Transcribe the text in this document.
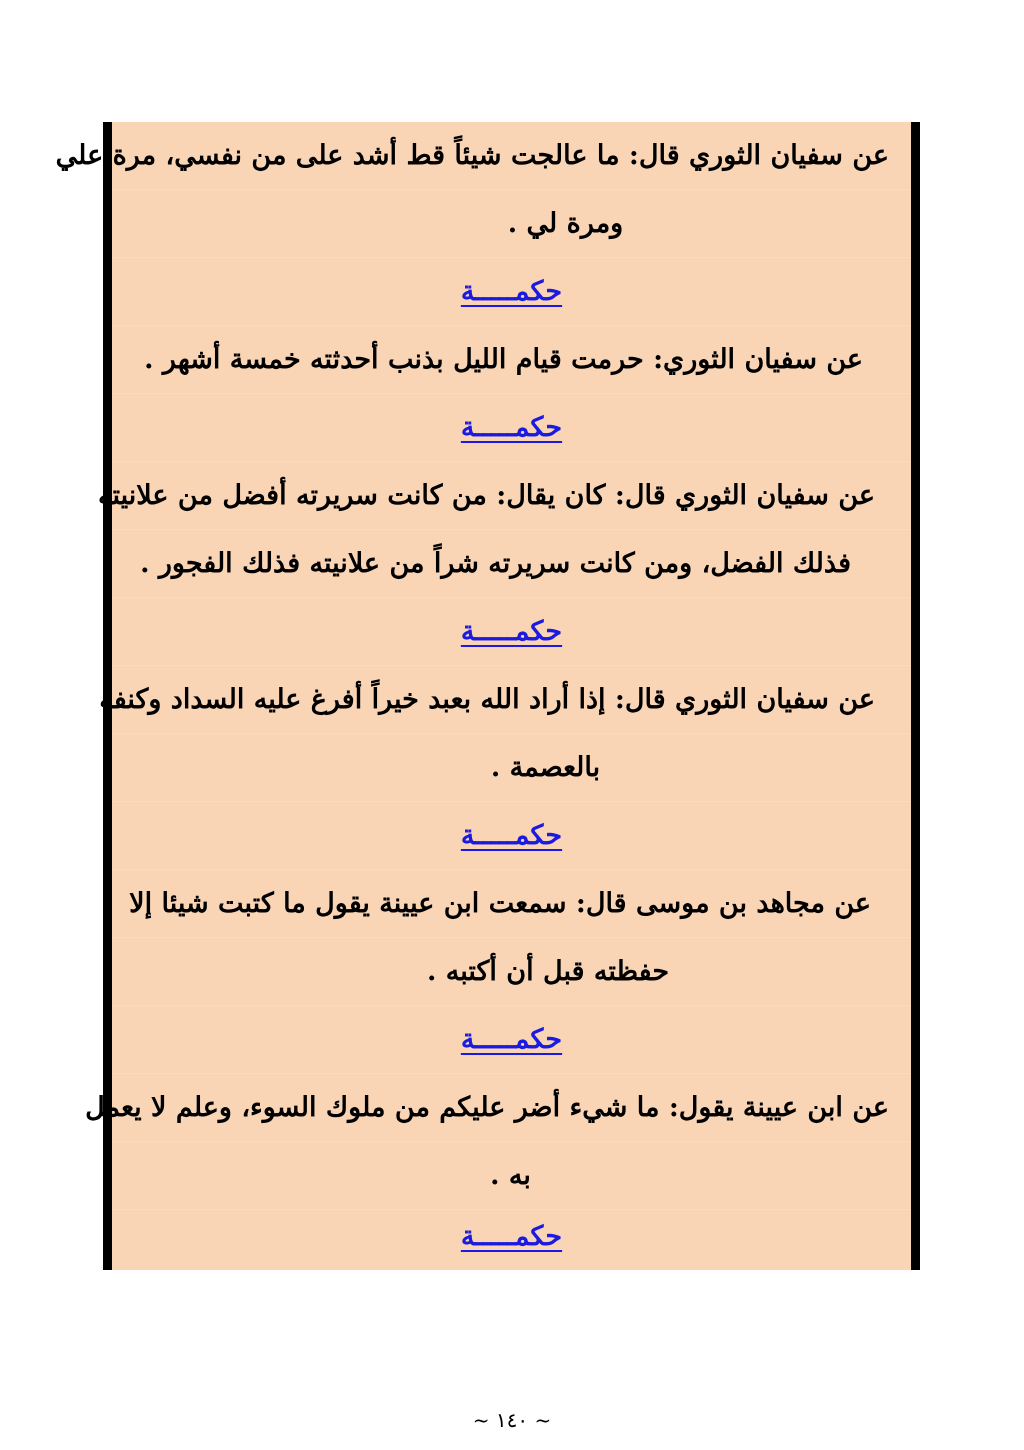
عن سفيان الثوري قال: ما عالجت شيئاً قط أشد على من نفسي، مرة علي
ومرة لي .
حكمـــــة
عن سفيان الثوري: حرمت قيام الليل بذنب أحدثته خمسة أشهر .
حكمـــــة
عن سفيان الثوري قال: كان يقال: من كانت سريرته أفضل من علانيته
فذلك الفضل، ومن كانت سريرته شراً من علانيته فذلك الفجور .
حكمـــــة
عن سفيان الثوري قال: إذا أراد الله بعبد خيراً أفرغ عليه السداد وكنفه
بالعصمة .
حكمـــــة
عن مجاهد بن موسى قال: سمعت ابن عيينة يقول ما كتبت شيئا إلا
حفظته قبل أن أكتبه .
حكمـــــة
عن ابن عيينة يقول: ما شيء أضر عليكم من ملوك السوء، وعلم لا يعمل
به .
حكمـــــة
~ ١٤٠ ~
